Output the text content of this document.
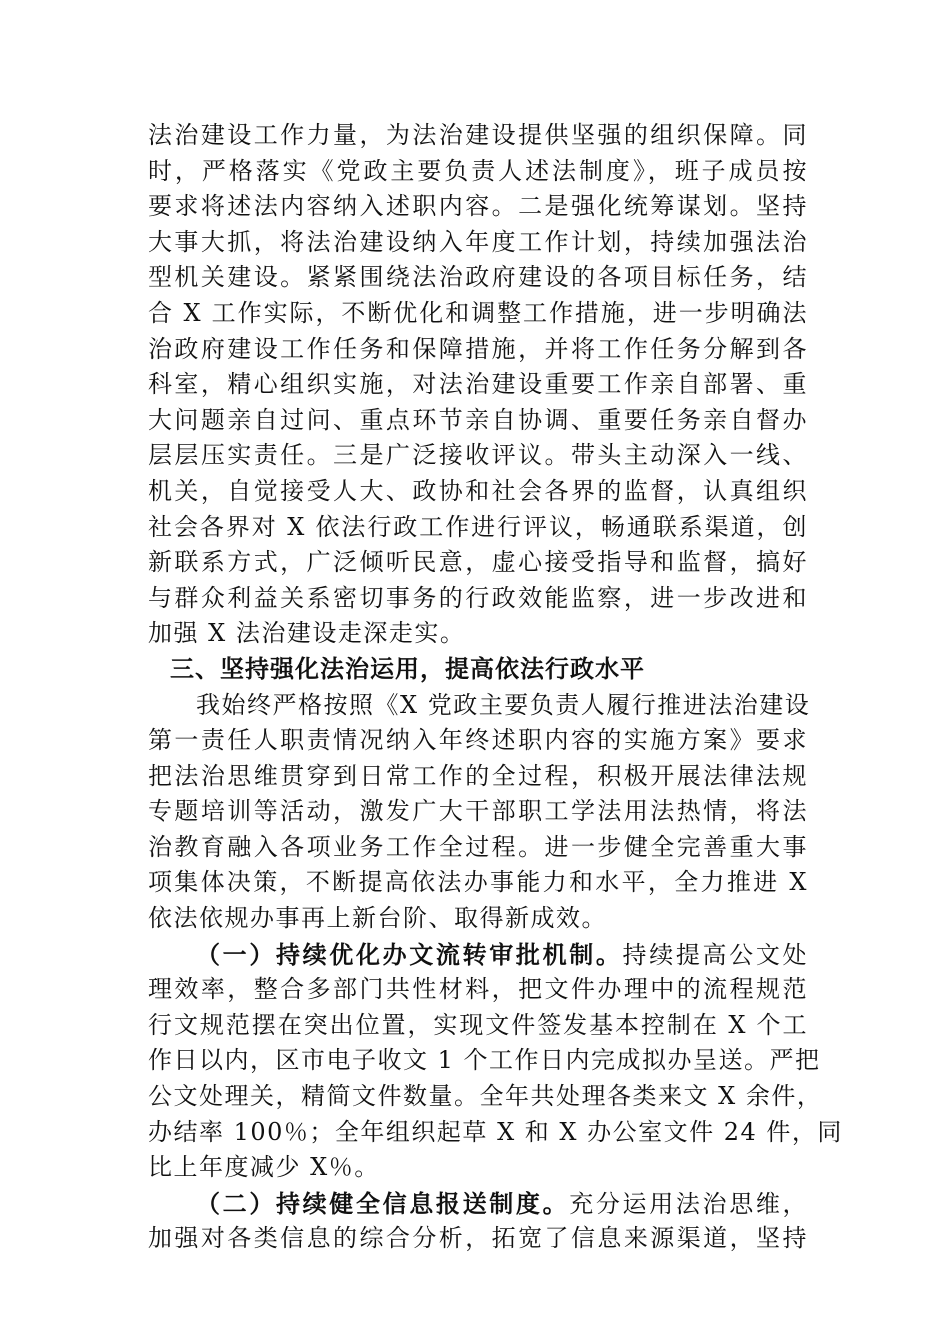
法治建设工作力量，为法治建设提供坚强的组织保障。同
时，严格落实《党政主要负责人述法制度》，班子成员按
要求将述法内容纳入述职内容。二是强化统筹谋划。坚持
大事大抓，将法治建设纳入年度工作计划，持续加强法治
型机关建设。紧紧围绕法治政府建设的各项目标任务，结
合 X 工作实际，不断优化和调整工作措施，进一步明确法
治政府建设工作任务和保障措施，并将工作任务分解到各
科室，精心组织实施，对法治建设重要工作亲自部署、重
大问题亲自过问、重点环节亲自协调、重要任务亲自督办
层层压实责任。三是广泛接收评议。带头主动深入一线、
机关，自觉接受人大、政协和社会各界的监督，认真组织
社会各界对 X 依法行政工作进行评议，畅通联系渠道，创
新联系方式，广泛倾听民意，虚心接受指导和监督，搞好
与群众利益关系密切事务的行政效能监察，进一步改进和
加强 X 法治建设走深走实。
三、坚持强化法治运用，提高依法行政水平
我始终严格按照《X 党政主要负责人履行推进法治建设
第一责任人职责情况纳入年终述职内容的实施方案》要求
把法治思维贯穿到日常工作的全过程，积极开展法律法规
专题培训等活动，激发广大干部职工学法用法热情，将法
治教育融入各项业务工作全过程。进一步健全完善重大事
项集体决策，不断提高依法办事能力和水平，全力推进 X
依法依规办事再上新台阶、取得新成效。
（一）持续优化办文流转审批机制。持续提高公文处
理效率，整合多部门共性材料，把文件办理中的流程规范
行文规范摆在突出位置，实现文件签发基本控制在 X 个工
作日以内，区市电子收文 1 个工作日内完成拟办呈送。严把
公文处理关，精简文件数量。全年共处理各类来文 X 余件，
办结率 100％；全年组织起草 X 和 X 办公室文件 24 件，同
比上年度减少 X％。
（二）持续健全信息报送制度。充分运用法治思维，
加强对各类信息的综合分析，拓宽了信息来源渠道，坚持
